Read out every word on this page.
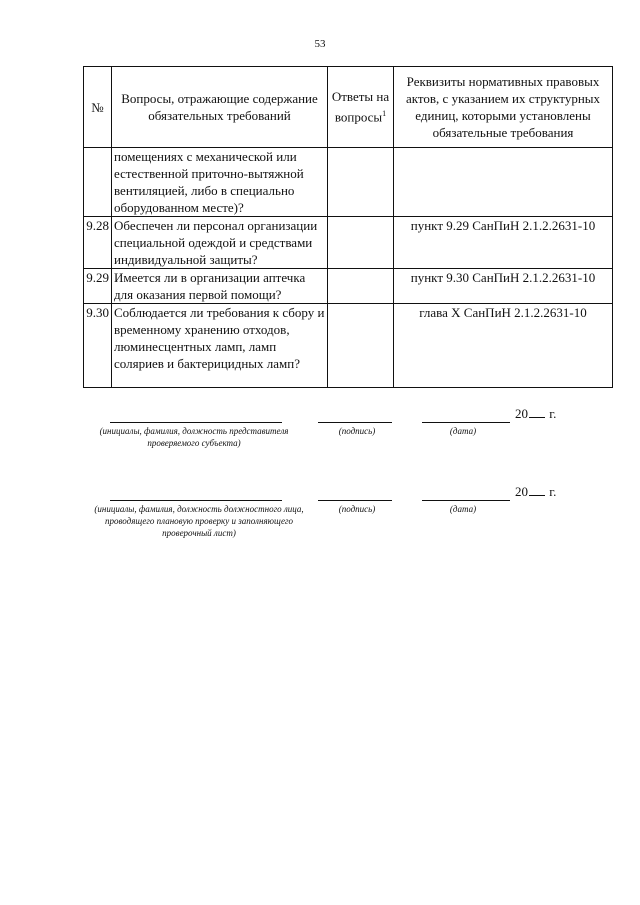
53
№	Вопросы, отражающие содержание обязательных требований	Ответы на вопросы$^1$	Реквизиты нормативных правовых актов, с указанием их структурных единиц, которыми установлены обязательные требования
	помещениях с механической или естественной приточно-вытяжной вентиляцией, либо в специально оборудованном месте)?		
9.28	Обеспечен ли персонал организации специальной одеждой и средствами индивидуальной защиты?		пункт 9.29 СанПиН 2.1.2.2631-10
9.29	Имеется ли в организации аптечка для оказания первой помощи?		пункт 9.30 СанПиН 2.1.2.2631-10
9.30	Соблюдается ли требования к сбору и временному хранению отходов, люминесцентных ламп, ламп соляриев и бактерицидных ламп?		глава X СанПиН 2.1.2.2631-10
(инициалы, фамилия, должность представителя проверяемого субъекта)
(подпись)	(дата)
20 г.
(инициалы, фамилия, должность должностного лица, проводящего плановую проверку и заполняющего проверочный лист)
(подпись)	(дата)
20 г.
